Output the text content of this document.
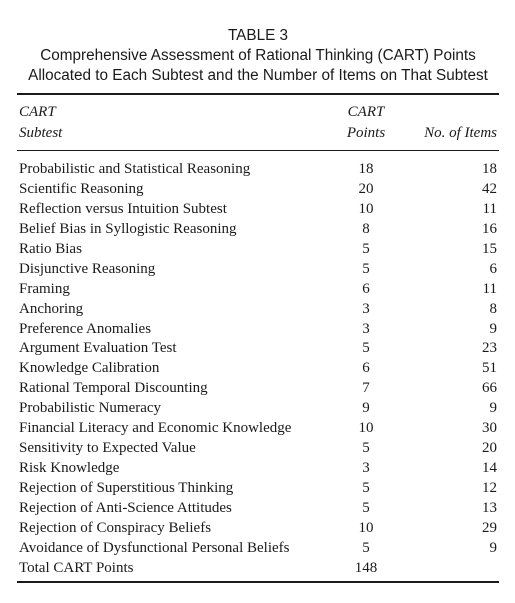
TABLE 3
Comprehensive Assessment of Rational Thinking (CART) Points
Allocated to Each Subtest and the Number of Items on That Subtest
CART
Subtest
CART
Points	No. of Items
Probabilistic and Statistical Reasoning	18	18
Scientific Reasoning	20	42
Reflection versus Intuition Subtest	10	11
Belief Bias in Syllogistic Reasoning	8	16
Ratio Bias	5	15
Disjunctive Reasoning	5	6
Framing	6	11
Anchoring	3	8
Preference Anomalies	3	9
Argument Evaluation Test	5	23
Knowledge Calibration	6	51
Rational Temporal Discounting	7	66
Probabilistic Numeracy	9	9
Financial Literacy and Economic Knowledge	10	30
Sensitivity to Expected Value	5	20
Risk Knowledge	3	14
Rejection of Superstitious Thinking	5	12
Rejection of Anti-Science Attitudes	5	13
Rejection of Conspiracy Beliefs	10	29
Avoidance of Dysfunctional Personal Beliefs	5	9
Total CART Points	148
